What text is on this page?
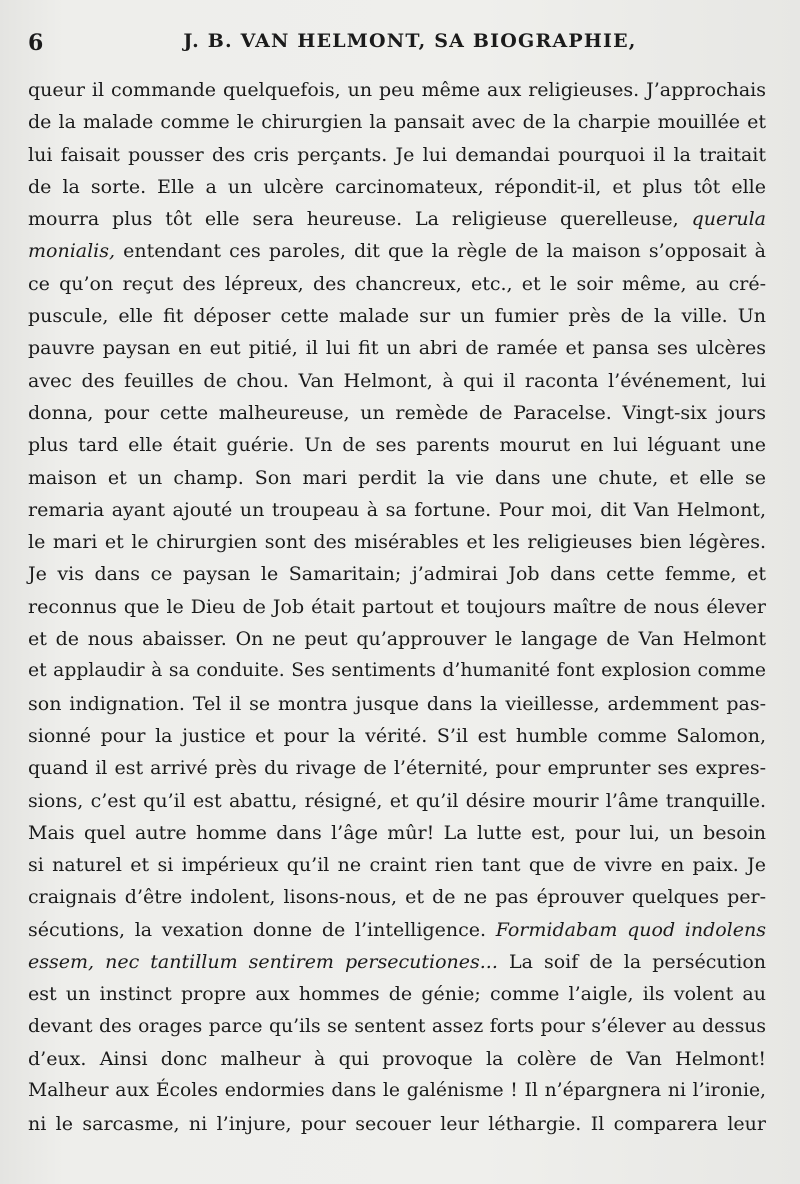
6	J. B. VAN HELMONT, SA BIOGRAPHIE,
queur il commande quelquefois, un peu même aux religieuses. J’approchais
de la malade comme le chirurgien la pansait avec de la charpie mouillée et
lui faisait pousser des cris perçants. Je lui demandai pourquoi il la traitait
de la sorte. Elle a un ulcère carcinomateux, répondit-il, et plus tôt elle
mourra plus tôt elle sera heureuse. La religieuse querelleuse, querula
monialis, entendant ces paroles, dit que la règle de la maison s’opposait à
ce qu’on reçut des lépreux, des chancreux, etc., et le soir même, au cré-
puscule, elle fit déposer cette malade sur un fumier près de la ville. Un
pauvre paysan en eut pitié, il lui fit un abri de ramée et pansa ses ulcères
avec des feuilles de chou. Van Helmont, à qui il raconta l’événement, lui
donna, pour cette malheureuse, un remède de Paracelse. Vingt-six jours
plus tard elle était guérie. Un de ses parents mourut en lui léguant une
maison et un champ. Son mari perdit la vie dans une chute, et elle se
remaria ayant ajouté un troupeau à sa fortune. Pour moi, dit Van Helmont,
le mari et le chirurgien sont des misérables et les religieuses bien légères.
Je vis dans ce paysan le Samaritain; j’admirai Job dans cette femme, et
reconnus que le Dieu de Job était partout et toujours maître de nous élever
et de nous abaisser. On ne peut qu’approuver le langage de Van Helmont
et applaudir à sa conduite. Ses sentiments d’humanité font explosion comme
son indignation. Tel il se montra jusque dans la vieillesse, ardemment pas-
sionné pour la justice et pour la vérité. S’il est humble comme Salomon,
quand il est arrivé près du rivage de l’éternité, pour emprunter ses expres-
sions, c’est qu’il est abattu, résigné, et qu’il désire mourir l’âme tranquille.
Mais quel autre homme dans l’âge mûr! La lutte est, pour lui, un besoin
si naturel et si impérieux qu’il ne craint rien tant que de vivre en paix. Je
craignais d’être indolent, lisons-nous, et de ne pas éprouver quelques per-
sécutions, la vexation donne de l’intelligence. Formidabam quod indolens
essem, nec tantillum sentirem persecutiones... La soif de la persécution
est un instinct propre aux hommes de génie; comme l’aigle, ils volent au
devant des orages parce qu’ils se sentent assez forts pour s’élever au dessus
d’eux. Ainsi donc malheur à qui provoque la colère de Van Helmont!
Malheur aux Écoles endormies dans le galénisme ! Il n’épargnera ni l’ironie,
ni le sarcasme, ni l’injure, pour secouer leur léthargie. Il comparera leur
